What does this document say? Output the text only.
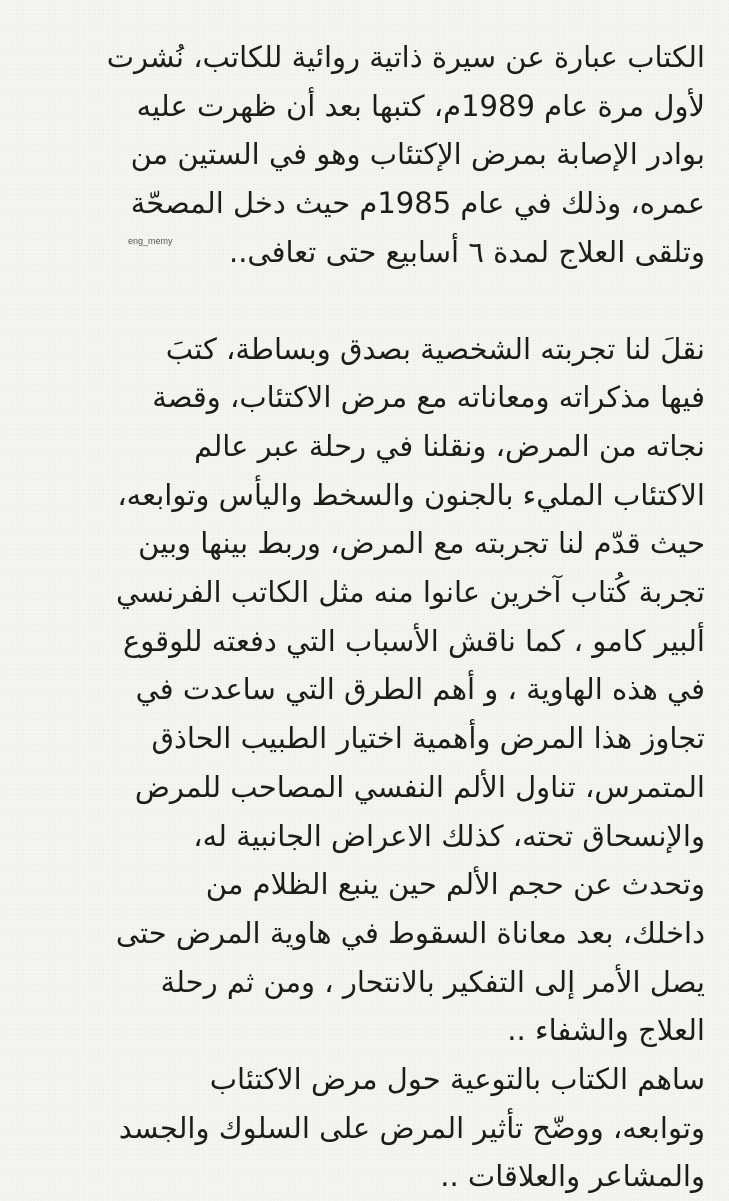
الكتاب عبارة عن سيرة ذاتية روائية للكاتب، نُشرت

لأول مرة عام 1989م، كتبها بعد أن ظهرت عليه

بوادر الإصابة بمرض الإكتئاب وهو في الستين من

عمره، وذلك في عام 1985م حيث دخل المصحّة

وتلقى العلاج لمدة ٦ أسابيع حتى تعافى..

نقلَ لنا تجربته الشخصية بصدق وبساطة، كتبَ

فيها مذكراته ومعاناته مع مرض الاكتئاب، وقصة

نجاته من المرض، ونقلنا في رحلة عبر عالم

الاكتئاب المليء بالجنون والسخط واليأس وتوابعه،

حيث قدّم لنا تجربته مع المرض، وربط بينها وبين

تجربة كُتاب آخرين عانوا منه مثل الكاتب الفرنسي

ألبير كامو ، كما ناقش الأسباب التي دفعته للوقوع

في هذه الهاوية ، و أهم الطرق التي ساعدت في

تجاوز هذا المرض وأهمية اختيار الطبيب الحاذق

المتمرس، تناول الألم النفسي المصاحب للمرض

والإنسحاق تحته، كذلك الاعراض الجانبية له،

وتحدث عن حجم الألم حين ينبع الظلام من

داخلك، بعد معاناة السقوط في هاوية المرض حتى

يصل الأمر إلى التفكير بالانتحار ، ومن ثم رحلة

العلاج والشفاء ..

ساهم الكتاب بالتوعية حول مرض الاكتئاب

وتوابعه، ووضّح تأثير المرض على السلوك والجسد

والمشاعر والعلاقات ..

eng_memy
